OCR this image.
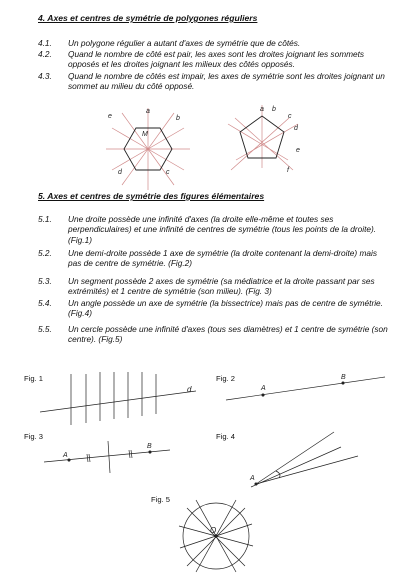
4. Axes et centres de symétrie de polygones réguliers
4.1. Un polygone régulier a autant d'axes de symétrie que de côtés.
4.2. Quand le nombre de côté est pair, les axes sont les droites joignant les sommets opposés et les droites joignant les milieux des côtés opposés.
4.3. Quand le nombre de côtés est impair, les axes de symétrie sont les droites joignant un sommet au milieu du côté opposé.
5. Axes et centres de symétrie des figures élémentaires
5.1. Une droite possède une infinité d'axes (la droite elle-même et toutes ses perpendiculaires) et une infinité de centres de symétrie (tous les points de la droite). (Fig.1)
5.2. Une demi-droite possède 1 axe de symétrie (la droite contenant la demi-droite) mais pas de centre de symétrie. (Fig.2)
5.3. Un segment possède 2 axes de symétrie (sa médiatrice et la droite passant par ses extrémités) et 1 centre de symétrie (son milieu). (Fig. 3)
5.4. Un angle possède un axe de symétrie (la bissectrice) mais pas de centre de symétrie. (Fig.4)
5.5. Un cercle possède une infinité d'axes (tous ses diamètres) et 1 centre de symétrie (son centre). (Fig.5)
Fig. 1	Fig. 2
Fig. 3	Fig. 4
Fig. 5
a
b
c
d
e
M
a b
c
d
e
f
d	A
B
A
B
A
O
